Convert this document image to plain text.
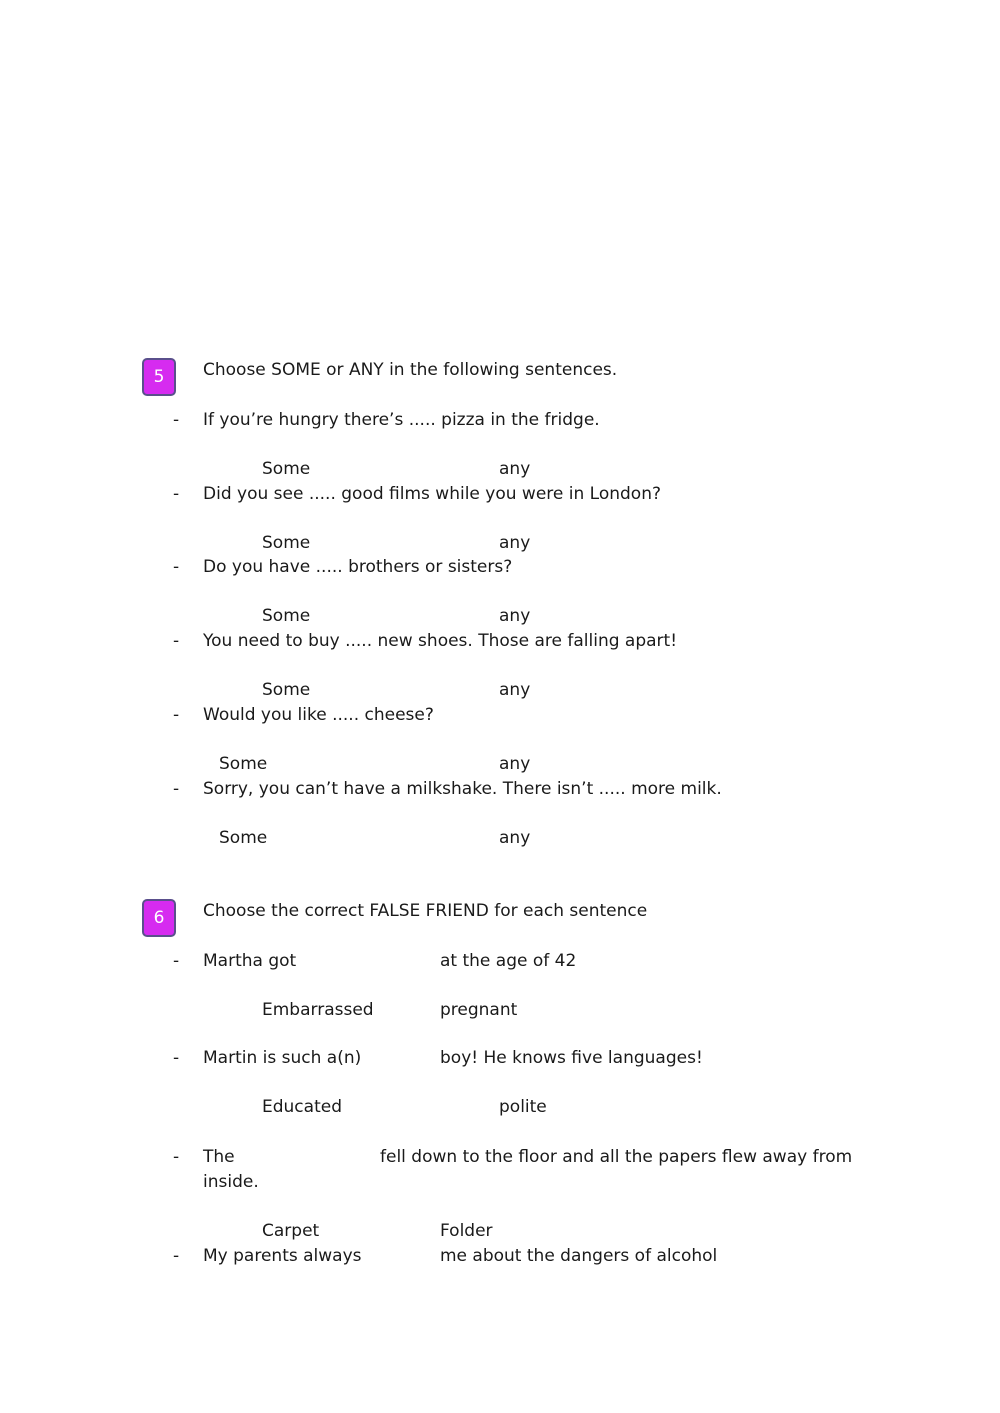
5 Choose SOME or ANY in the following sentences.
- If you’re hungry there’s ..... pizza in the fridge.
Some	any
- Did you see ..... good films while you were in London?
Some	any
- Do you have ..... brothers or sisters?
Some	any
- You need to buy ..... new shoes. Those are falling apart!
Some	any
- Would you like ..... cheese?
Some	any
- Sorry, you can’t have a milkshake. There isn’t ..... more milk.
Some	any
6 Choose the correct FALSE FRIEND for each sentence
- Martha got	at the age of 42
Embarrassed	pregnant
- Martin is such a(n)	boy! He knows five languages!
Educated	polite
- The	fell down to the floor and all the papers flew away from
inside.
Carpet	Folder
- My parents always	me about the dangers of alcohol
